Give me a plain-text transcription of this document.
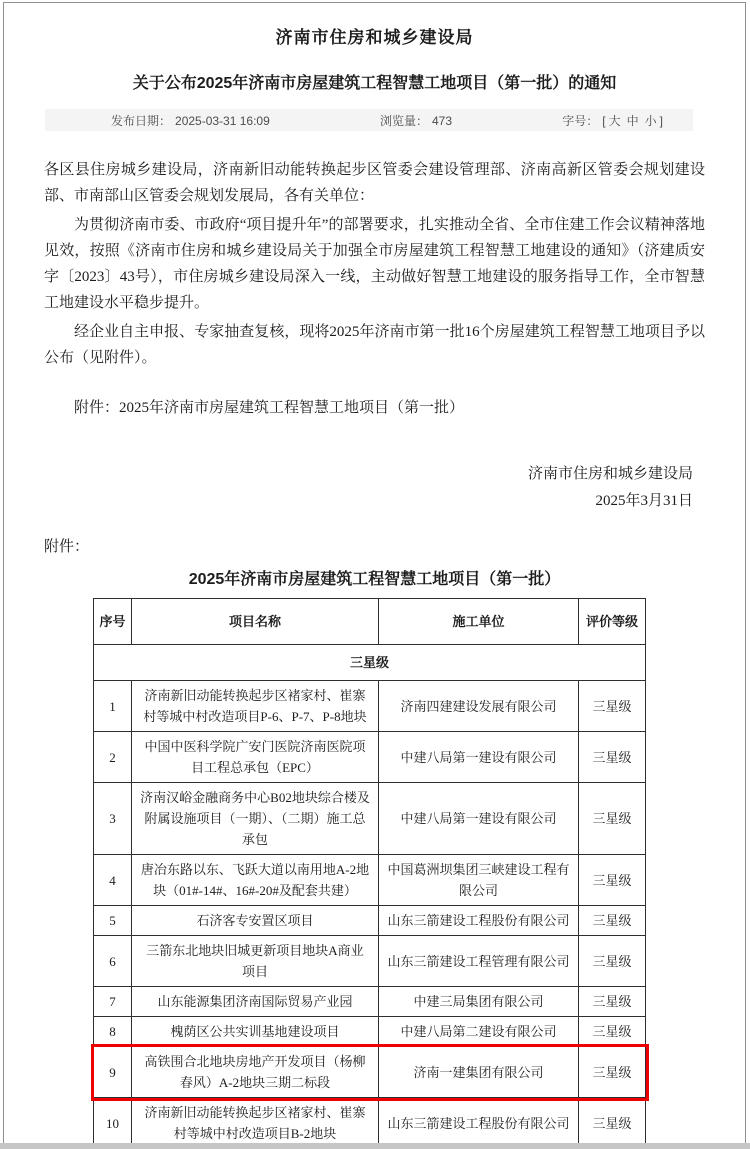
济南市住房和城乡建设局
关于公布2025年济南市房屋建筑工程智慧工地项目（第一批）的通知
发布日期： 2025-03-31 16:09	浏览量： 473	字号： [ 大 中 小 ]

各区县住房城乡建设局，济南新旧动能转换起步区管委会建设管理部、济南高新区管委会规划建设部、市南部山区管委会规划发展局，各有关单位：

为贯彻济南市委、市政府“项目提升年”的部署要求，扎实推动全省、全市住建工作会议精神落地见效，按照《济南市住房和城乡建设局关于加强全市房屋建筑工程智慧工地建设的通知》（济建质安字〔2023〕43号），市住房城乡建设局深入一线，主动做好智慧工地建设的服务指导工作，全市智慧工地建设水平稳步提升。

经企业自主申报、专家抽查复核，现将2025年济南市第一批16个房屋建筑工程智慧工地项目予以公布（见附件）。

附件：2025年济南市房屋建筑工程智慧工地项目（第一批）

济南市住房和城乡建设局
2025年3月31日
附件：
2025年济南市房屋建筑工程智慧工地项目（第一批）
序号	项目名称	施工单位	评价等级
三星级			
1	济南新旧动能转换起步区褚家村、崔寨村等城中村改造项目P-6、P-7、P-8地块	济南四建建设发展有限公司	三星级
2	中国中医科学院广安门医院济南医院项目工程总承包（EPC）	中建八局第一建设有限公司	三星级
3	济南汉峪金融商务中心B02地块综合楼及附属设施项目（一期）、（二期）施工总承包	中建八局第一建设有限公司	三星级
4	唐冶东路以东、飞跃大道以南用地A-2地块（01#-14#、16#-20#及配套共建）	中国葛洲坝集团三峡建设工程有限公司	三星级
5	石济客专安置区项目	山东三箭建设工程股份有限公司	三星级
6	三箭东北地块旧城更新项目地块A商业项目	山东三箭建设工程管理有限公司	三星级
7	山东能源集团济南国际贸易产业园	中建三局集团有限公司	三星级
8	槐荫区公共实训基地建设项目	中建八局第二建设有限公司	三星级
9	高铁围合北地块房地产开发项目（杨柳春风）A-2地块三期二标段	济南一建集团有限公司	三星级
10	济南新旧动能转换起步区褚家村、崔寨村等城中村改造项目B-2地块	山东三箭建设工程股份有限公司	三星级
